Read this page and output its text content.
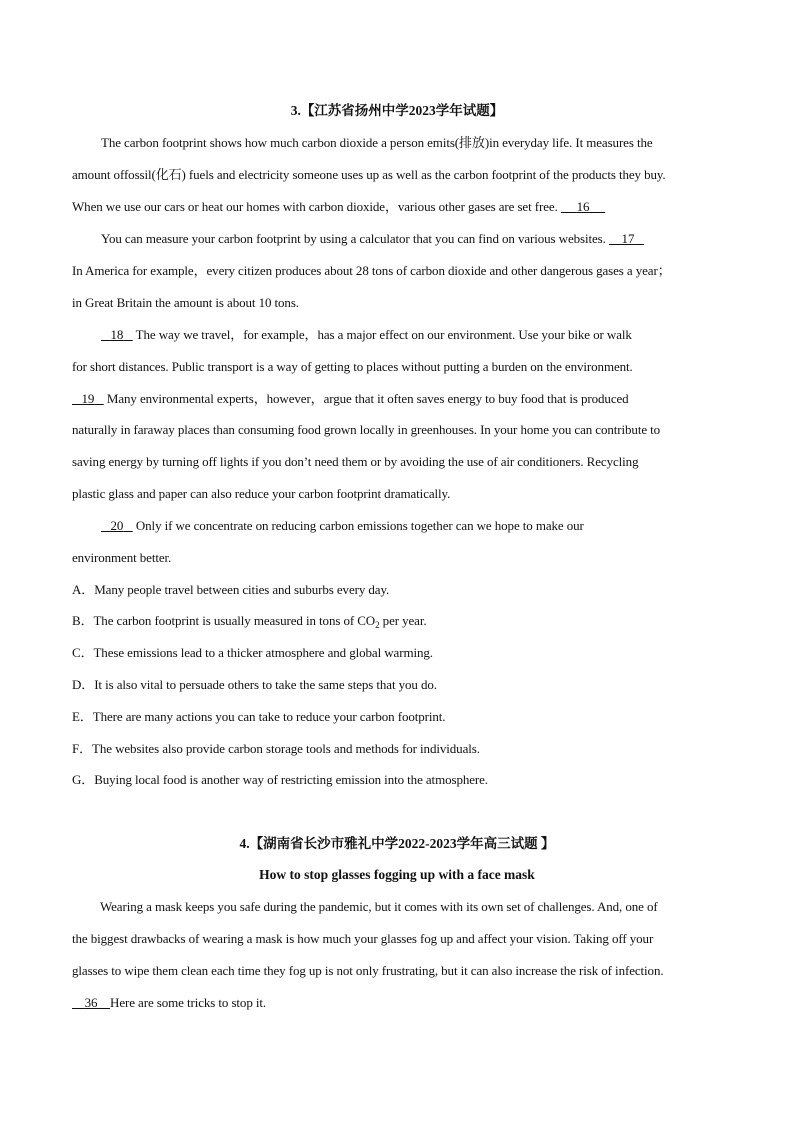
3.【江苏省扬州中学2023学年试题】
The carbon footprint shows how much carbon dioxide a person emits(排放)in everyday life. It measures the
amount offossil(化石) fuels and electricity someone uses up as well as the carbon footprint of the products they buy.
When we use our cars or heat our homes with carbon dioxide，various other gases are set free.      16
You can measure your carbon footprint by using a calculator that you can find on various websites.     17
In America for example，every citizen produces about 28 tons of carbon dioxide and other dangerous gases a year；
in Great Britain the amount is about 10 tons.
18    The way we travel，for example，has a major effect on our environment. Use your bike or walk
for short distances. Public transport is a way of getting to places without putting a burden on the environment.
19    Many environmental experts，however，argue that it often saves energy to buy food that is produced
naturally in faraway places than consuming food grown locally in greenhouses. In your home you can contribute to
saving energy by turning off lights if you don’t need them or by avoiding the use of air conditioners. Recycling
plastic glass and paper can also reduce your carbon footprint dramatically.
20    Only if we concentrate on reducing carbon emissions together can we hope to make our
environment better.
A．Many people travel between cities and suburbs every day.
B．The carbon footprint is usually measured in tons of $CO_2$ per year.
C．These emissions lead to a thicker atmosphere and global warming.
D．It is also vital to persuade others to take the same steps that you do.
E．There are many actions you can take to reduce your carbon footprint.
F．The websites also provide carbon storage tools and methods for individuals.
G．Buying local food is another way of restricting emission into the atmosphere.
4.【湖南省长沙市雅礼中学2022-2023学年高三试题 】
How to stop glasses fogging up with a face mask
Wearing a mask keeps you safe during the pandemic, but it comes with its own set of challenges. And, one of
the biggest drawbacks of wearing a mask is how much your glasses fog up and affect your vision. Taking off your
glasses to wipe them clean each time they fog up is not only frustrating, but it can also increase the risk of infection.
36 Here are some tricks to stop it.
